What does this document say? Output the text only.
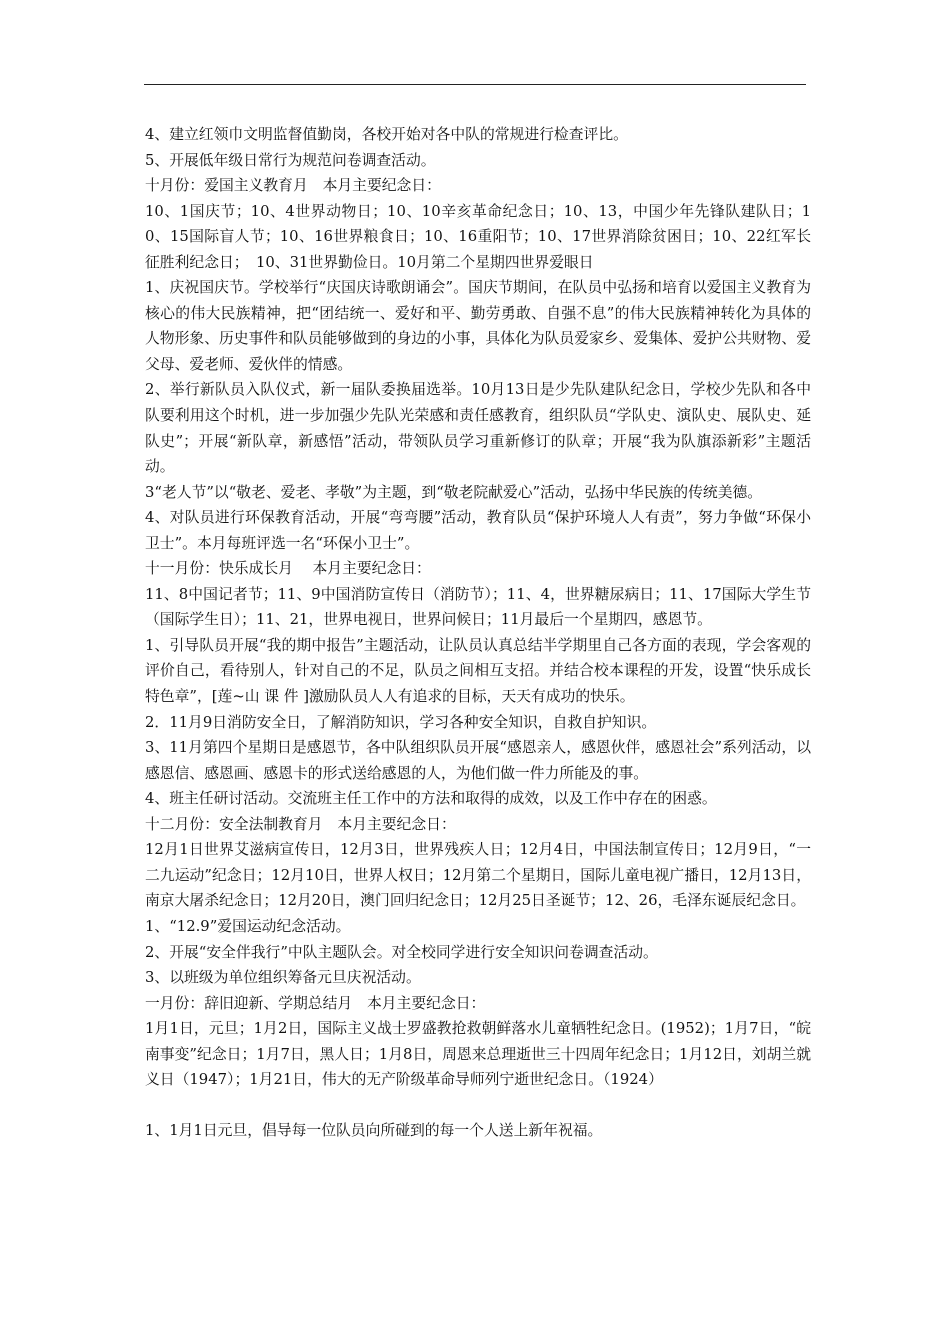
4、建立红领巾文明监督值勤岗，各校开始对各中队的常规进行检查评比。

5、开展低年级日常行为规范问卷调查活动。

十月份：爱国主义教育月　本月主要纪念日：

10、1国庆节；10、4世界动物日；10、10辛亥革命纪念日；10、13，中国少年先锋队建队日；10、15国际盲人节；10、16世界粮食日；10、16重阳节；10、17世界消除贫困日；10、22红军长征胜利纪念日；　10、31世界勤俭日。10月第二个星期四世界爱眼日

1、庆祝国庆节。学校举行“庆国庆诗歌朗诵会”。国庆节期间，在队员中弘扬和培育以爱国主义教育为核心的伟大民族精神，把“团结统一、爱好和平、勤劳勇敢、自强不息”的伟大民族精神转化为具体的人物形象、历史事件和队员能够做到的身边的小事，具体化为队员爱家乡、爱集体、爱护公共财物、爱父母、爱老师、爱伙伴的情感。

2、举行新队员入队仪式，新一届队委换届选举。10月13日是少先队建队纪念日，学校少先队和各中队要利用这个时机，进一步加强少先队光荣感和责任感教育，组织队员“学队史、演队史、展队史、延队史”；开展“新队章，新感悟”活动，带领队员学习重新修订的队章；开展“我为队旗添新彩”主题活动。

3“老人节”以“敬老、爱老、孝敬”为主题，到“敬老院献爱心”活动，弘扬中华民族的传统美德。

4、对队员进行环保教育活动，开展“弯弯腰”活动，教育队员“保护环境人人有责”，努力争做“环保小卫士”。本月每班评选一名“环保小卫士”。

十一月份：快乐成长月　 本月主要纪念日：

11、8中国记者节；11、9中国消防宣传日（消防节）；11、4，世界糖尿病日；11、17国际大学生节（国际学生日）；11、21，世界电视日，世界问候日；11月最后一个星期四，感恩节。

1、引导队员开展“我的期中报告”主题活动，让队员认真总结半学期里自己各方面的表现，学会客观的评价自己，看待别人，针对自己的不足，队员之间相互支招。并结合校本课程的开发，设置“快乐成长特色章”，[莲~山 课 件 ]激励队员人人有追求的目标，天天有成功的快乐。

2．11月9日消防安全日，了解消防知识，学习各种安全知识，自救自护知识。

3、11月第四个星期日是感恩节，各中队组织队员开展“感恩亲人，感恩伙伴，感恩社会”系列活动，以感恩信、感恩画、感恩卡的形式送给感恩的人，为他们做一件力所能及的事。

4、班主任研讨活动。交流班主任工作中的方法和取得的成效，以及工作中存在的困惑。

十二月份：安全法制教育月　本月主要纪念日：

12月1日世界艾滋病宣传日，12月3日，世界残疾人日；12月4日，中国法制宣传日；12月9日，“一二九运动”纪念日；12月10日，世界人权日；12月第二个星期日，国际儿童电视广播日，12月13日，南京大屠杀纪念日；12月20日，澳门回归纪念日；12月25日圣诞节；12、26，毛泽东诞辰纪念日。

1、“12.9”爱国运动纪念活动。

2、开展“安全伴我行”中队主题队会。对全校同学进行安全知识问卷调查活动。

3、以班级为单位组织筹备元旦庆祝活动。

一月份：辞旧迎新、学期总结月　本月主要纪念日：

1月1日，元旦；1月2日，国际主义战士罗盛教抢救朝鲜落水儿童牺牲纪念日。(1952)；1月7日，“皖南事变”纪念日；1月7日，黑人日；1月8日，周恩来总理逝世三十四周年纪念日；1月12日，刘胡兰就义日（1947）；1月21日，伟大的无产阶级革命导师列宁逝世纪念日。（1924）

1、1月1日元旦，倡导每一位队员向所碰到的每一个人送上新年祝福。
